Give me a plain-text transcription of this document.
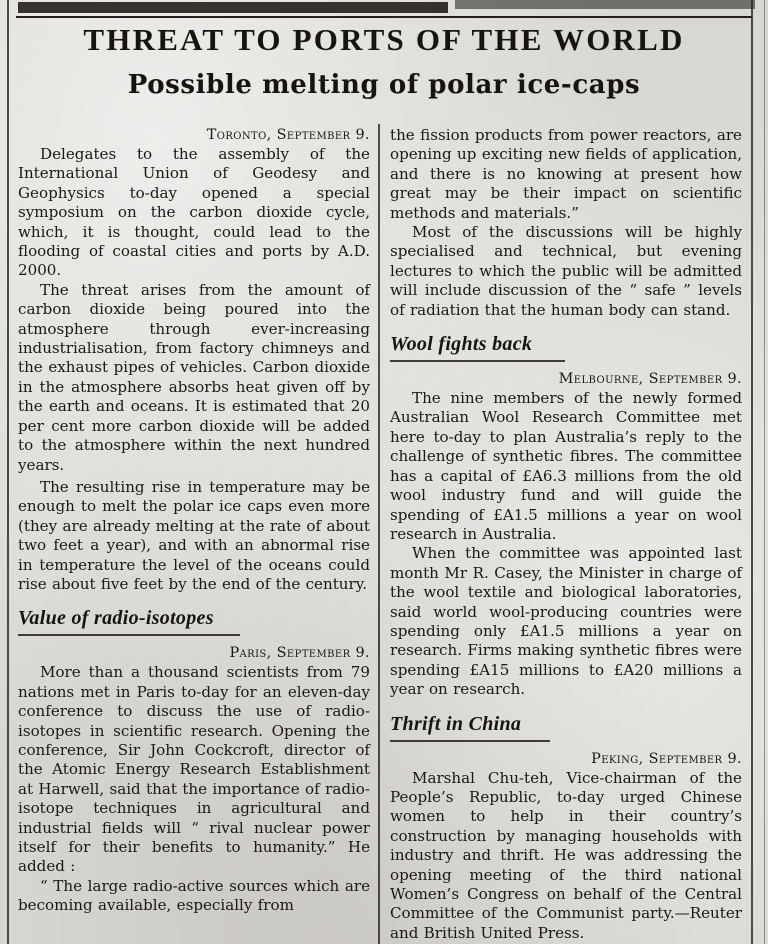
THREAT TO PORTS OF THE WORLD
Possible melting of polar ice-caps

Toronto, September 9.

Delegates to the assembly of the International Union of Geodesy and Geophysics to-day opened a special symposium on the carbon dioxide cycle, which, it is thought, could lead to the flooding of coastal cities and ports by A.D. 2000.

The threat arises from the amount of carbon dioxide being poured into the atmosphere through ever-increasing industrialisation, from factory chimneys and the exhaust pipes of vehicles. Carbon dioxide in the atmosphere absorbs heat given off by the earth and oceans. It is estimated that 20 per cent more carbon dioxide will be added to the atmosphere within the next hundred years.

The resulting rise in temperature may be enough to melt the polar ice caps even more (they are already melting at the rate of about two feet a year), and with an abnormal rise in temperature the level of the oceans could rise about five feet by the end of the century.

Value of radio-isotopes

Paris, September 9.

More than a thousand scientists from 79 nations met in Paris to-day for an eleven-day conference to discuss the use of radio-isotopes in scientific research. Opening the conference, Sir John Cockcroft, director of the Atomic Energy Research Establishment at Harwell, said that the importance of radio-isotope techniques in agricultural and industrial fields will “ rival nuclear power itself for their benefits to humanity.” He added :

“ The large radio-active sources which are becoming available, especially from

the fission products from power reactors, are opening up exciting new fields of application, and there is no knowing at present how great may be their impact on scientific methods and materials.”

Most of the discussions will be highly specialised and technical, but evening lectures to which the public will be admitted will include discussion of the “ safe ” levels of radiation that the human body can stand.

Wool fights back

Melbourne, September 9.

The nine members of the newly formed Australian Wool Research Committee met here to-day to plan Australia’s reply to the challenge of synthetic fibres. The committee has a capital of £A6.3 millions from the old wool industry fund and will guide the spending of £A1.5 millions a year on wool research in Australia.

When the committee was appointed last month Mr R. Casey, the Minister in charge of the wool textile and biological laboratories, said world wool-producing countries were spending only £A1.5 millions a year on research. Firms making synthetic fibres were spending £A15 millions to £A20 millions a year on research.

Thrift in China

Peking, September 9.

Marshal Chu-teh, Vice-chairman of the People’s Republic, to-day urged Chinese women to help in their country’s construction by managing households with industry and thrift. He was addressing the opening meeting of the third national Women’s Congress on behalf of the Central Committee of the Communist party.—Reuter and British United Press.
